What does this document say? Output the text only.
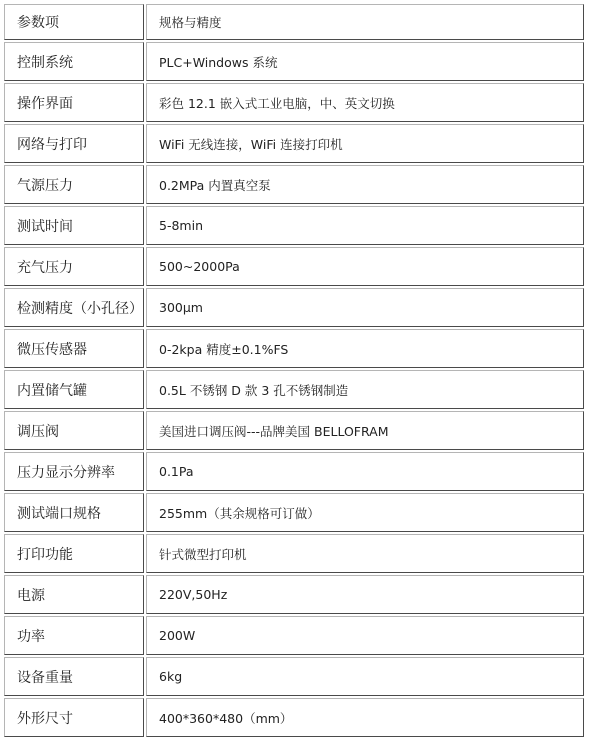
参数项	规格与精度
控制系统	PLC+Windows 系统
操作界面	彩色 12.1 嵌入式工业电脑，中、英文切换
网络与打印	WiFi 无线连接，WiFi 连接打印机
气源压力	0.2MPa 内置真空泵
测试时间	5-8min
充气压力	500~2000Pa
检测精度（小孔径）	300μm
微压传感器	0-2kpa 精度±0.1%FS
内置储气罐	0.5L 不锈钢 D 款 3 孔不锈钢制造
调压阀	美国进口调压阀---品牌美国 BELLOFRAM
压力显示分辨率	0.1Pa
测试端口规格	255mm（其余规格可订做）
打印功能	针式微型打印机
电源	220V,50Hz
功率	200W
设备重量	6kg
外形尺寸	400*360*480（mm）
